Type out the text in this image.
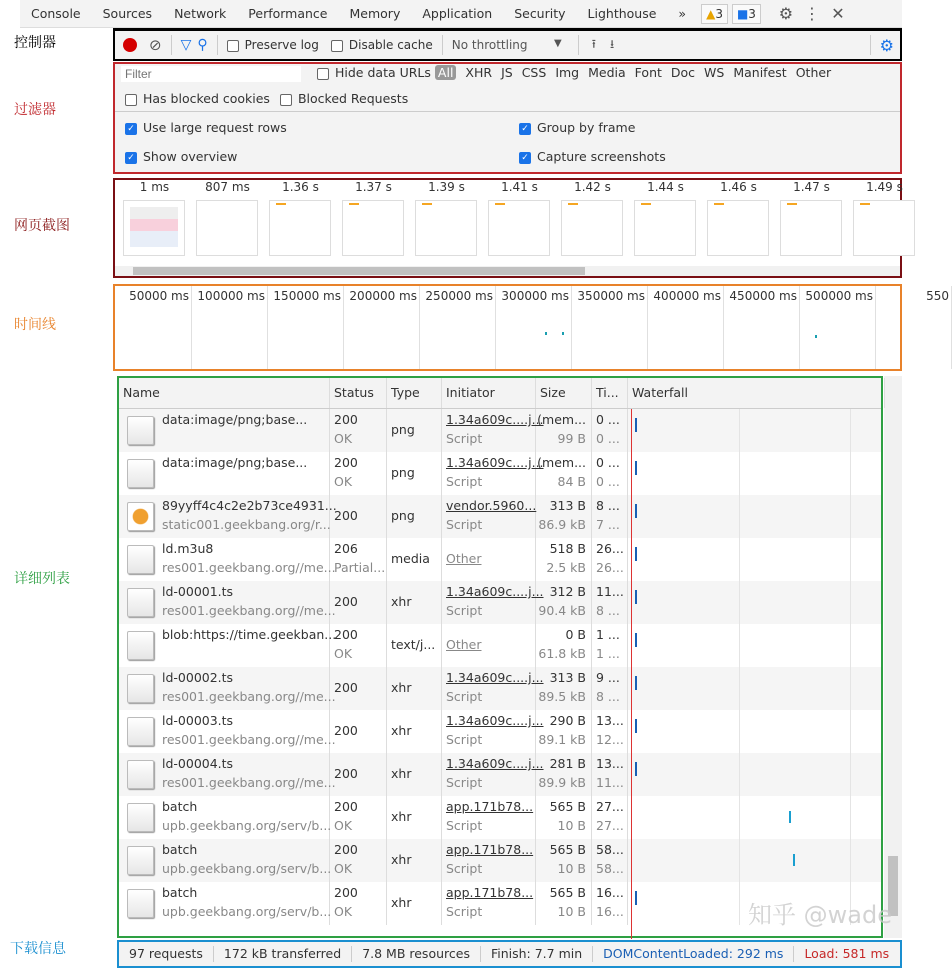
控制器
过滤器
网页截图
时间线
详细列表
下载信息
Console	Sources	Network	Performance	Memory	Application	Security	Lighthouse	»	▲3	■3	⚙ ⋮ ✕
⊘ ▽ ⚲	Preserve log	Disable cache No throttling	▼	⭱ ⭳	⚙
Filter
Hide data URLs All XHR JS CSS Img Media Font Doc WS Manifest Other
Has blocked cookies	Blocked Requests
✓ Use large request rows	✓ Group by frame
✓ Show overview	✓ Capture screenshots
1 ms	807 ms	1.36 s	1.37 s	1.39 s	1.41 s	1.42 s	1.44 s	1.46 s	1.47 s	1.49 s
50000 ms 100000 ms 150000 ms 200000 ms 250000 ms 300000 ms 350000 ms 400000 ms 450000 ms 500000 ms	550
Name	Status	Type	Initiator	Size	Ti...	Waterfall
data:image/png;base... 200
OK
png
1.34a609c....j...
Script
(mem...
99 B
0 ...
0 ...
data:image/png;base... 200
OK
png
1.34a609c....j...
Script
(mem...
84 B
0 ...
0 ...
89yyff4c4c2e2b73ce4931...
static001.geekbang.org/r...
200	png
vendor.5960...
Script
313 B
86.9 kB
8 ...
7 ...
ld.m3u8
res001.geekbang.org//me...
206
Partial...
media Other
518 B
2.5 kB
26...
26...
ld-00001.ts
res001.geekbang.org//me...
200	xhr
1.34a609c....j...
Script
312 B
90.4 kB
11...
8 ...
blob:https://time.geekban...
200
OK
text/j... Other
0 B
61.8 kB
1 ...
1 ...
ld-00002.ts
res001.geekbang.org//me...
200	xhr
1.34a609c....j...
Script
313 B
89.5 kB
9 ...
8 ...
ld-00003.ts
res001.geekbang.org//me...
200	xhr
1.34a609c....j...
Script
290 B
89.1 kB
13...
12...
ld-00004.ts
res001.geekbang.org//me...
200	xhr
1.34a609c....j...
Script
281 B
89.9 kB
13...
11...
batch
upb.geekbang.org/serv/b...
200
OK
xhr
app.171b78...
Script
565 B
10 B
27...
27...
batch
upb.geekbang.org/serv/b...
200
OK
xhr
app.171b78...
Script
565 B
10 B
58...
58...
batch
upb.geekbang.org/serv/b...
200
OK
xhr
app.171b78...
Script
565 B
10 B
16...
16...
97 requests	172 kB transferred	7.8 MB resources	Finish: 7.7 min	DOMContentLoaded: 292 ms	Load: 581 ms
知乎 @wade
